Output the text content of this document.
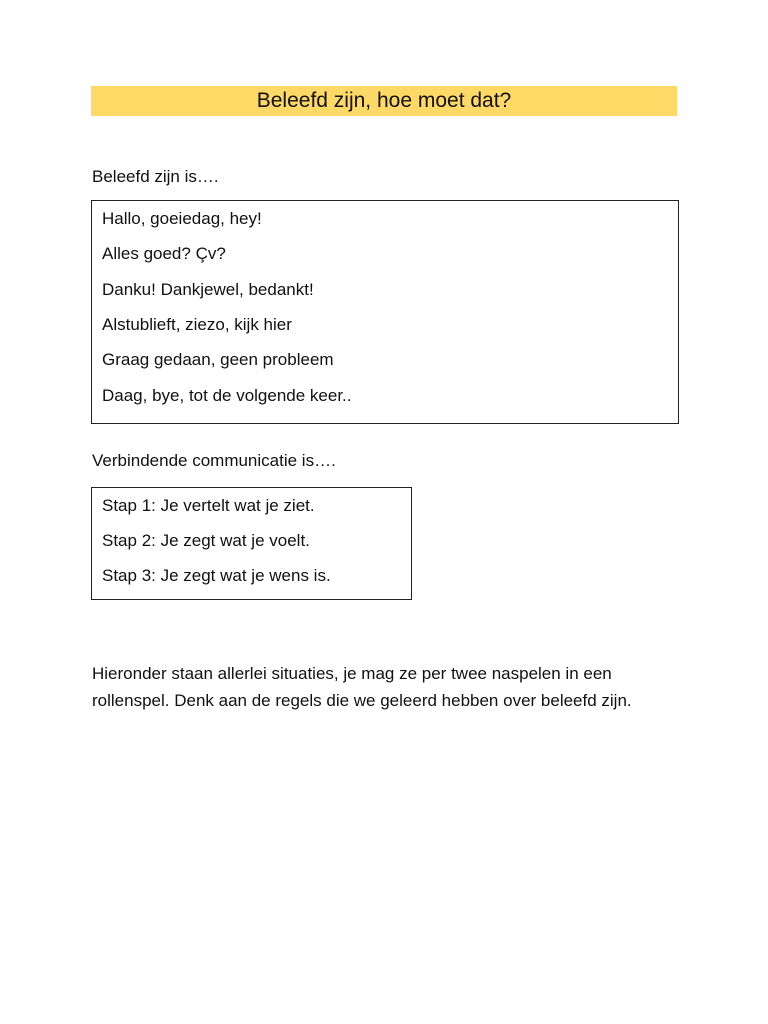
Beleefd zijn, hoe moet dat?
Beleefd zijn is….
Hallo, goeiedag, hey!
Alles goed? Çv?
Danku! Dankjewel, bedankt!
Alstublieft, ziezo, kijk hier
Graag gedaan, geen probleem
Daag, bye, tot de volgende keer..
Verbindende communicatie is….
Stap 1: Je vertelt wat je ziet.
Stap 2: Je zegt wat je voelt.
Stap 3: Je zegt wat je wens is.
Hieronder staan allerlei situaties, je mag ze per twee naspelen in een rollenspel. Denk aan de regels die we geleerd hebben over beleefd zijn.
